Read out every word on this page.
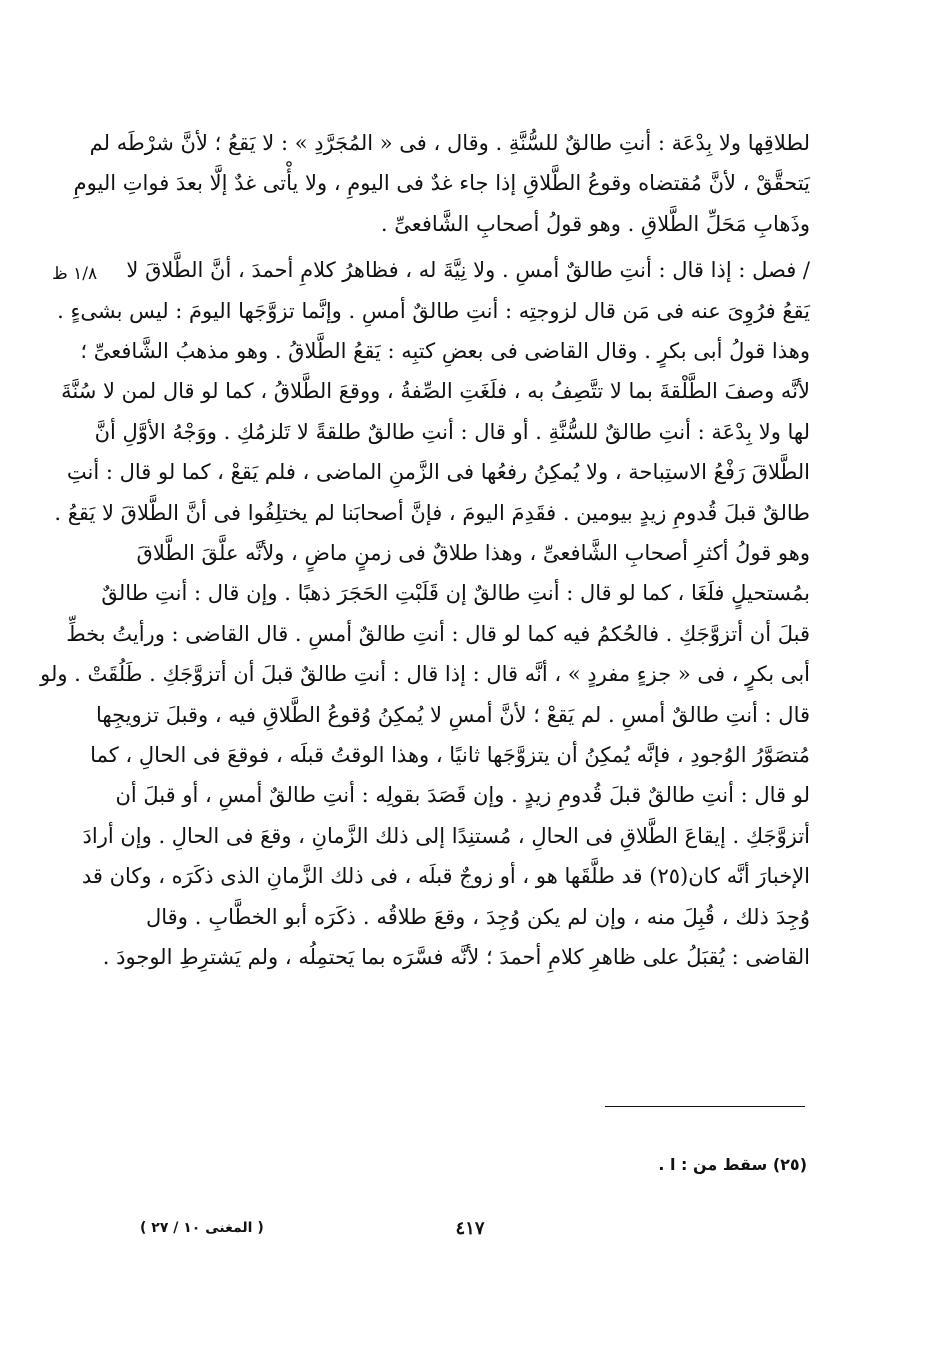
لطلاقِها ولا بِدْعَة : أنتِ طالقٌ للسُّنَّةِ . وقال ، فى « المُجَرَّدِ » : لا يَقعُ ؛ لأنَّ شرْطَه لم
يَتحقَّقْ ، لأنَّ مُقتضاه وقوعُ الطَّلاقِ إذا جاء غدٌ فى اليومِ ، ولا يأْتى غدٌ إلَّا بعدَ فواتِ اليومِ
وذَهابِ مَحَلِّ الطَّلاقِ . وهو قولُ أصحابِ الشَّافعىِّ .
/ فصل : إذا قال : أنتِ طالقٌ أمسِ . ولا نِيَّةَ له ، فظاهرُ كلامِ أحمدَ ، أنَّ الطَّلاقَ لا
يَقعُ فرُوِىَ عنه فى مَن قال لزوجتِه : أنتِ طالقٌ أمسِ . وإنَّما تزوَّجَها اليومَ : ليس بشىءٍ .
وهذا قولُ أبى بكرٍ . وقال القاضى فى بعضِ كتبِه : يَقعُ الطَّلاقُ . وهو مذهبُ الشَّافعىِّ ؛
لأنَّه وصفَ الطَّلْقةَ بما لا تتَّصِفُ به ، فلَغَتِ الصِّفةُ ، ووقعَ الطَّلاقُ ، كما لو قال لمن لا سُنَّةَ
لها ولا بِدْعَة : أنتِ طالقٌ للسُّنَّةِ . أو قال : أنتِ طالقٌ طلقةً لا تَلزمُكِ . ووَجْهُ الأوَّلِ أنَّ
الطَّلاقَ رَفْعُ الاستِباحة ، ولا يُمكِنُ رفعُها فى الزَّمنِ الماضى ، فلم يَقعْ ، كما لو قال : أنتِ
طالقٌ قبلَ قُدومِ زيدٍ بيومين . فقَدِمَ اليومَ ، فإنَّ أصحابَنا لم يختلِفُوا فى أنَّ الطَّلاقَ لا يَقعُ .
وهو قولُ أكثرِ أصحابِ الشَّافعىِّ ، وهذا طلاقٌ فى زمنٍ ماضٍ ، ولأنَّه علَّقَ الطَّلاقَ
بمُستحيلٍ فلَغَا ، كما لو قال : أنتِ طالقٌ إن قَلَبْتِ الحَجَرَ ذهبًا . وإن قال : أنتِ طالقٌ
قبلَ أن أتزوَّجَكِ . فالحُكمُ فيه كما لو قال : أنتِ طالقٌ أمسِ . قال القاضى : ورأيتُ بخطِّ
أبى بكرٍ ، فى « جزءٍ مفردٍ » ، أنَّه قال : إذا قال : أنتِ طالقٌ قبلَ أن أتزوَّجَكِ . طَلُقَتْ . ولو
قال : أنتِ طالقٌ أمسِ . لم يَقعْ ؛ لأنَّ أمسِ لا يُمكِنُ وُقوعُ الطَّلاقِ فيه ، وقبلَ تزويجِها
مُتصَوَّرُ الوُجودِ ، فإنَّه يُمكِنُ أن يتزوَّجَها ثانيًا ، وهذا الوقتُ قبلَه ، فوقعَ فى الحالِ ، كما
لو قال : أنتِ طالقٌ قبلَ قُدومِ زيدٍ . وإن قَصَدَ بقولِه : أنتِ طالقٌ أمسِ ، أو قبلَ أن
أتزوَّجَكِ . إيقاعَ الطَّلاقِ فى الحالِ ، مُستنِدًا إلى ذلك الزَّمانِ ، وقعَ فى الحالِ . وإن أرادَ
الإخبارَ أنَّه كان(٢٥) قد طلَّقَها هو ، أو زوجٌ قبلَه ، فى ذلك الزَّمانِ الذى ذكَرَه ، وكان قد
وُجِدَ ذلك ، قُبِلَ منه ، وإن لم يكن وُجِدَ ، وقعَ طلاقُه . ذكَرَه أبو الخطَّابِ . وقال
القاضى : يُقبَلُ على ظاهرِ كلامِ أحمدَ ؛ لأنَّه فسَّرَه بما يَحتمِلُه ، ولم يَشترِطِ الوجودَ .
١/٨ ظ
(٢٥) سقط من : ا .
٤١٧
( المغنى ١٠ / ٢٧ )
